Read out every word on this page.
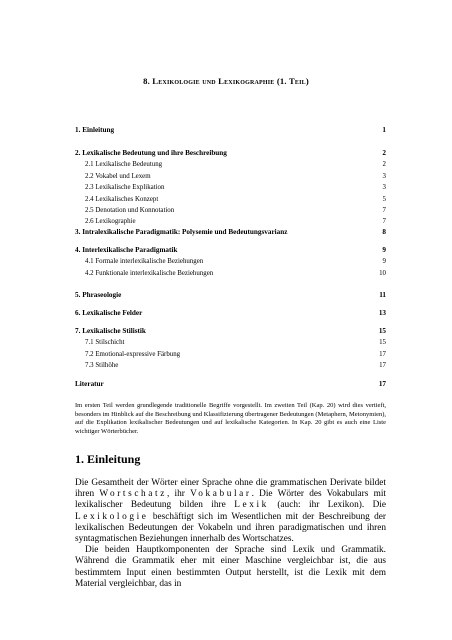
8. Lexikologie und Lexikographie (1. Teil)
1. Einleitung	1
2. Lexikalische Bedeutung und ihre Beschreibung	2
2.1 Lexikalische Bedeutung	2
2.2 Vokabel und Lexem	3
2.3 Lexikalische Explikation	3
2.4 Lexikalisches Konzept	5
2.5 Denotation und Konnotation	7
2.6 Lexikographie	7
3. Intralexikalische Paradigmatik: Polysemie und Bedeutungsvarianz	8
4. Interlexikalische Paradigmatik	9
4.1 Formale interlexikalische Beziehungen	9
4.2 Funktionale interlexikalische Beziehungen	10
5. Phraseologie	11
6. Lexikalische Felder	13
7. Lexikalische Stilistik	15
7.1 Stilschicht	15
7.2 Emotional-expressive Färbung	17
7.3 Stilhöhe	17
Literatur	17
Im ersten Teil werden grundlegende traditionelle Begriffe vorgestellt. Im zweiten Teil (Kap. 20) wird dies vertieft, besonders im Hinblick auf die Beschreibung und Klassifizierung übertragener Bedeutungen (Metaphern, Metonymien), auf die Explikation lexikalischer Bedeutungen und auf lexikalische Kategorien. In Kap. 20 gibt es auch eine Liste wichtiger Wörterbücher.
1. Einleitung

Die Gesamtheit der Wörter einer Sprache ohne die grammatischen Derivate bildet ihren Wortschatz, ihr Vokabular. Die Wörter des Vokabulars mit lexikalischer Bedeutung bilden ihre Lexik (auch: ihr Lexikon). Die Lexikologie beschäftigt sich im Wesentlichen mit der Beschreibung der lexikalischen Bedeutungen der Vokabeln und ihren paradigmatischen und ihren syntagmatischen Beziehungen innerhalb des Wortschatzes.

Die beiden Hauptkomponenten der Sprache sind Lexik und Grammatik. Während die Grammatik eher mit einer Maschine vergleichbar ist, die aus bestimmtem Input einen bestimmten Output herstellt, ist die Lexik mit dem Material vergleichbar, das in
